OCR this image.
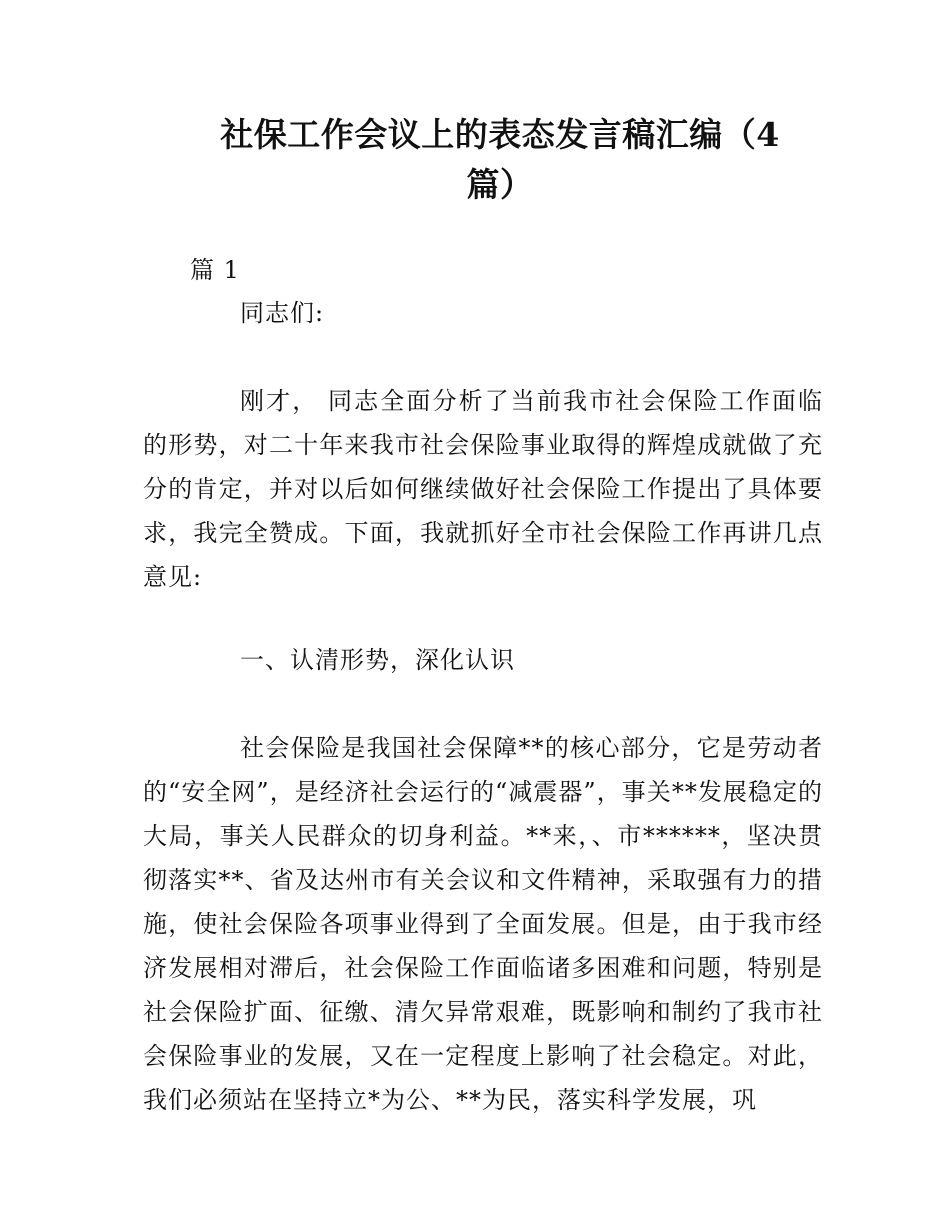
社保工作会议上的表态发言稿汇编（4
篇）
篇 1
同志们:

刚才， 同志全面分析了当前我市社会保险工作面临的形势，对二十年来我市社会保险事业取得的辉煌成就做了充分的肯定，并对以后如何继续做好社会保险工作提出了具体要求，我完全赞成。下面，我就抓好全市社会保险工作再讲几点意见:

一、认清形势，深化认识

社会保险是我国社会保障**的核心部分，它是劳动者的“安全网”，是经济社会运行的“减震器”，事关**发展稳定的大局，事关人民群众的切身利益。**来，、市******，坚决贯彻落实**、省及达州市有关会议和文件精神，采取强有力的措施，使社会保险各项事业得到了全面发展。但是，由于我市经济发展相对滞后，社会保险工作面临诸多困难和问题，特别是社会保险扩面、征缴、清欠异常艰难，既影响和制约了我市社会保险事业的发展，又在一定程度上影响了社会稳定。对此，我们必须站在坚持立*为公、**为民，落实科学发展，巩
